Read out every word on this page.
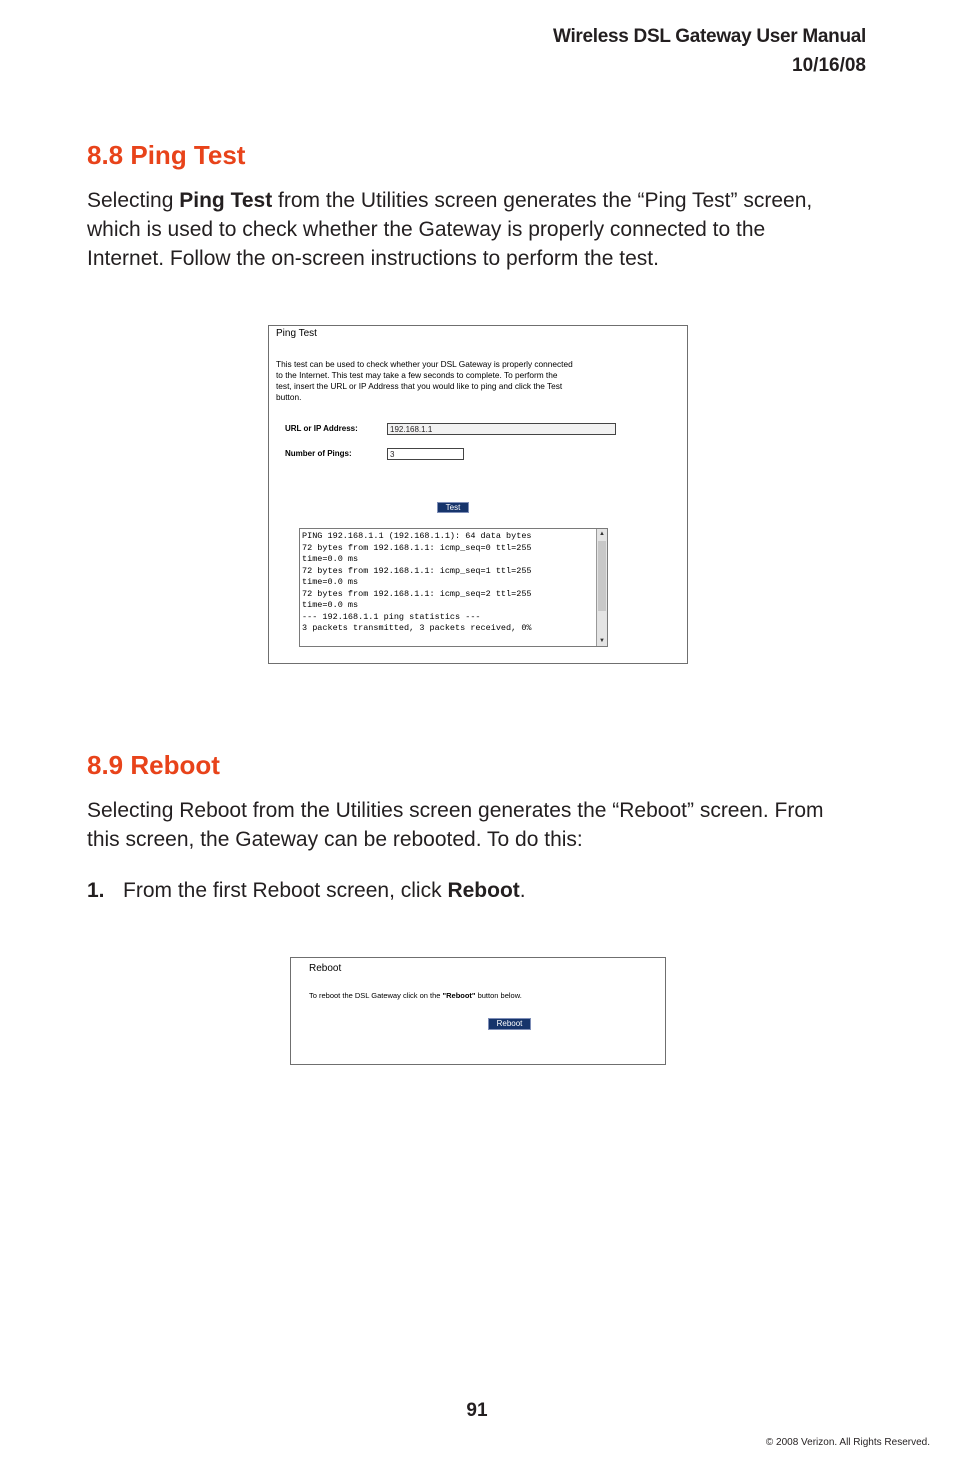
Wireless DSL Gateway User Manual
10/16/08
8.8 Ping Test
Selecting Ping Test from the Utilities screen generates the “Ping Test” screen,
which is used to check whether the Gateway is properly connected to the
Internet. Follow the on-screen instructions to perform the test.
Ping Test
This test can be used to check whether your DSL Gateway is properly connected
to the Internet. This test may take a few seconds to complete. To perform the
test, insert the URL or IP Address that you would like to ping and click the Test
button.
URL or IP Address:	192.168.1.1
Number of Pings:	3
Test
PING 192.168.1.1 (192.168.1.1): 64 data bytes
72 bytes from 192.168.1.1: icmp_seq=0 ttl=255
time=0.0 ms
72 bytes from 192.168.1.1: icmp_seq=1 ttl=255
time=0.0 ms
72 bytes from 192.168.1.1: icmp_seq=2 ttl=255
time=0.0 ms
--- 192.168.1.1 ping statistics ---
3 packets transmitted, 3 packets received, 0%
▲
▼
8.9 Reboot
Selecting Reboot from the Utilities screen generates the “Reboot” screen. From
this screen, the Gateway can be rebooted. To do this:
1. From the first Reboot screen, click Reboot.
Reboot
To reboot the DSL Gateway click on the "Reboot" button below.
Reboot
91
© 2008 Verizon. All Rights Reserved.
